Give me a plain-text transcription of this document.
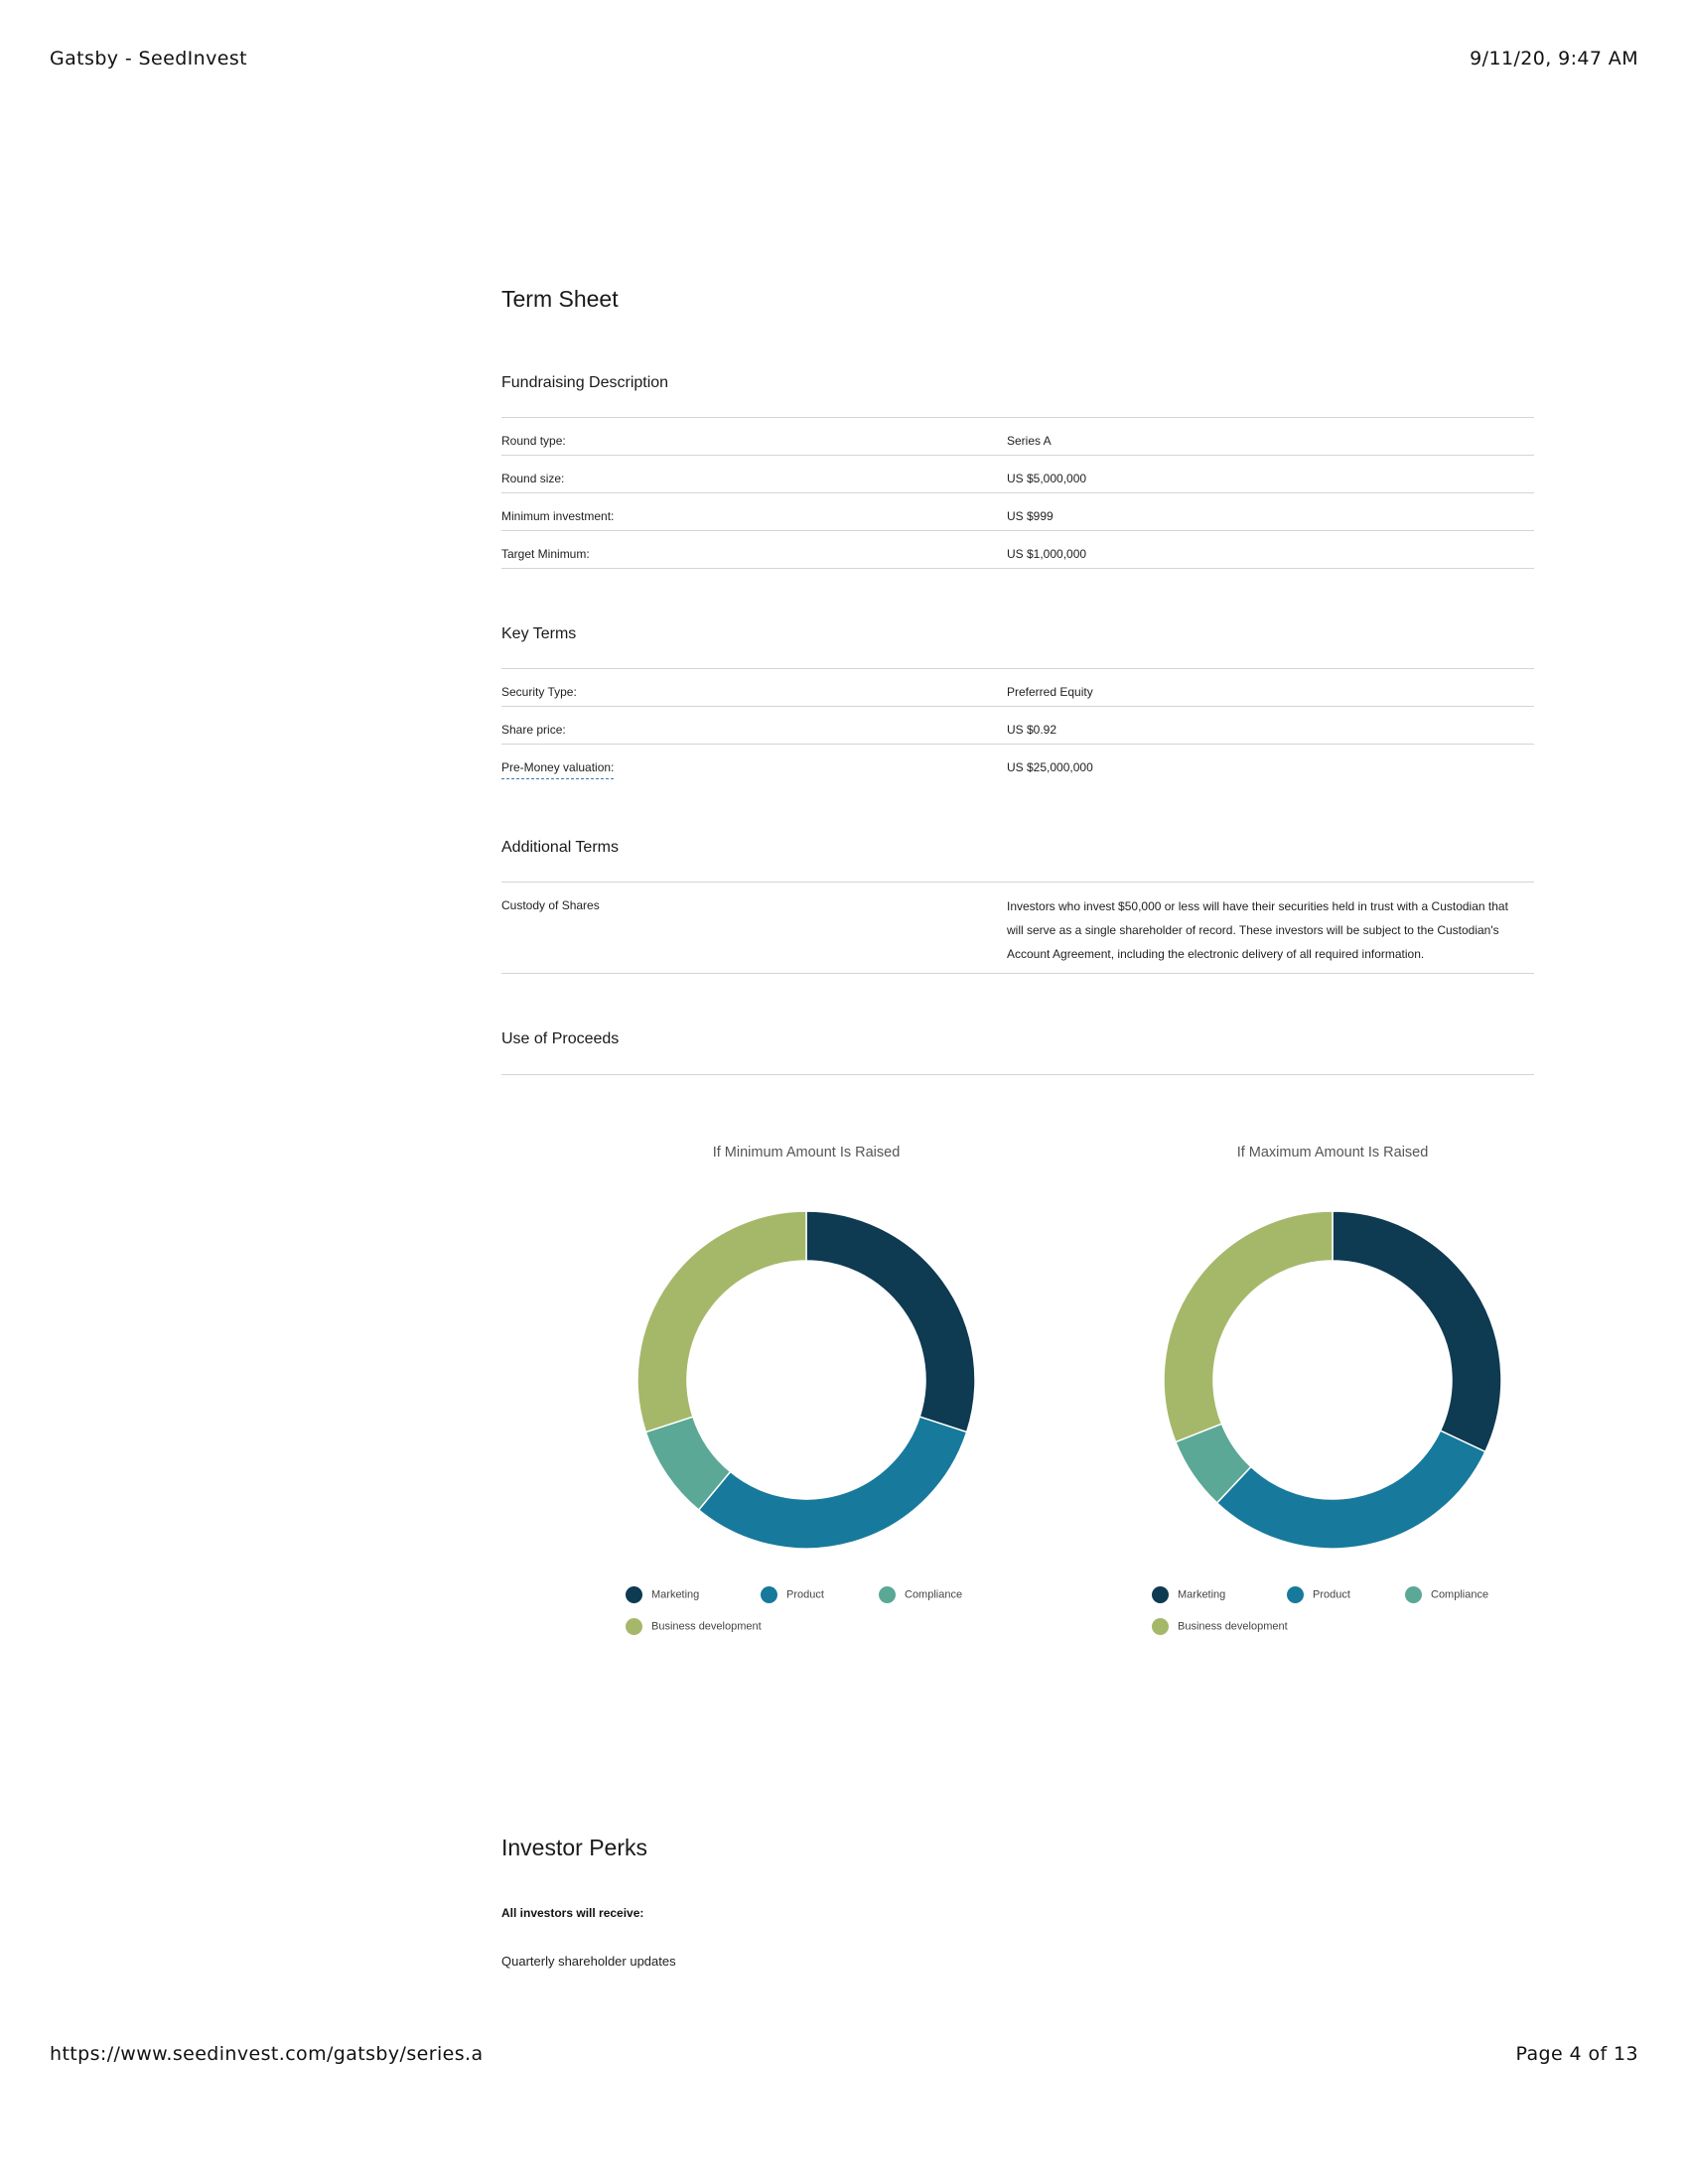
Gatsby - SeedInvest	9/11/20, 9:47 AM
Term Sheet
Fundraising Description
Round type:	Series A
Round size:	US $5,000,000
Minimum investment:	US $999
Target Minimum:	US $1,000,000
Key Terms
Security Type:	Preferred Equity
Share price:	US $0.92
Pre-Money valuation:	US $25,000,000
Additional Terms
Custody of Shares	Investors who invest $50,000 or less will have their securities held in trust with a Custodian that will serve as a single shareholder of record. These investors will be subject to the Custodian's Account Agreement, including the electronic delivery of all required information.
Use of Proceeds
If Minimum Amount Is Raised	If Maximum Amount Is Raised
Marketing	Product	Compliance
Business development
Marketing	Product	Compliance
Business development
Investor Perks
All investors will receive:
Quarterly shareholder updates
https://www.seedinvest.com/gatsby/series.a	Page 4 of 13
